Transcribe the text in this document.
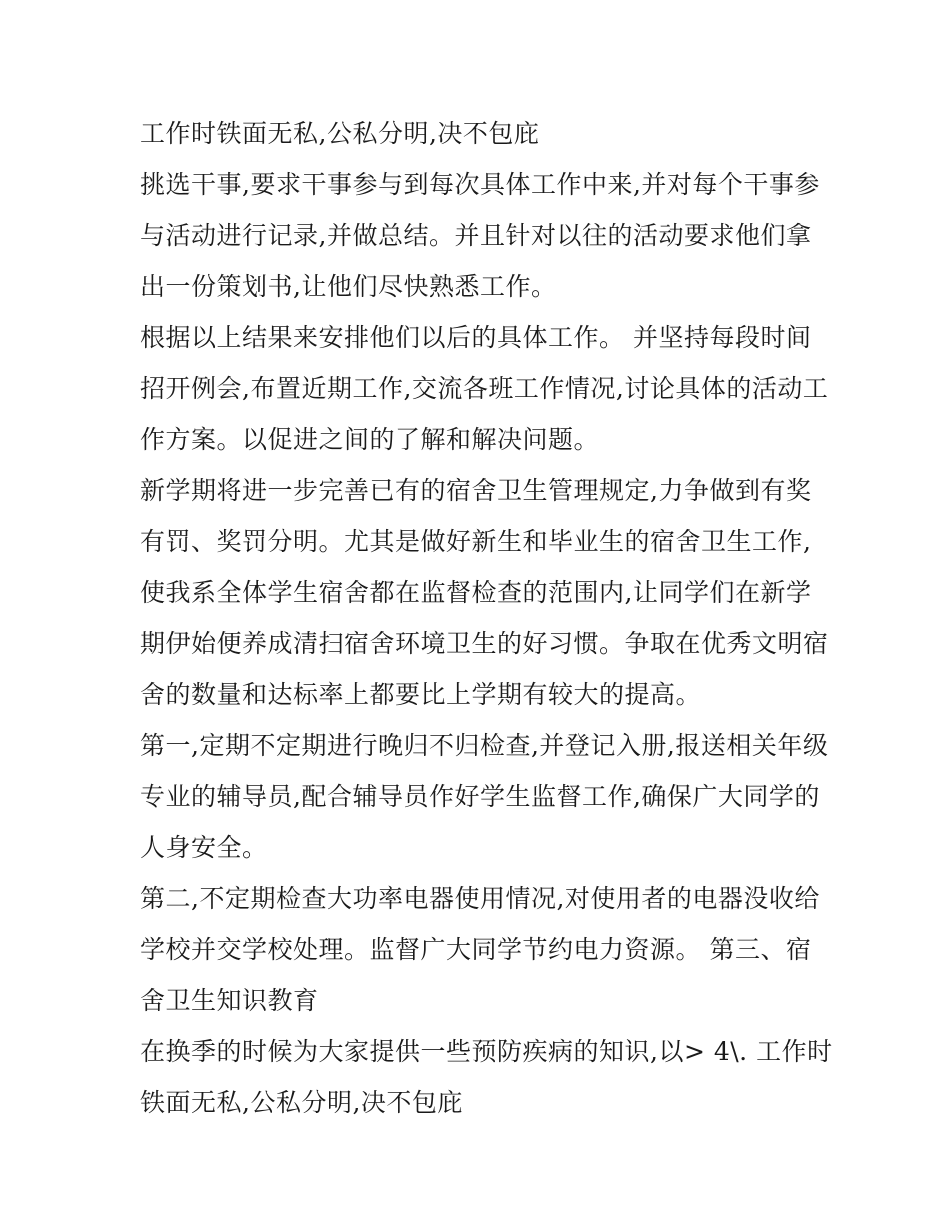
工作时铁面无私,公私分明,决不包庇

挑选干事,要求干事参与到每次具体工作中来,并对每个干事参
与活动进行记录,并做总结。并且针对以往的活动要求他们拿
出一份策划书,让他们尽快熟悉工作。

根据以上结果来安排他们以后的具体工作。 并坚持每段时间
招开例会,布置近期工作,交流各班工作情况,讨论具体的活动工
作方案。以促进之间的了解和解决问题。

新学期将进一步完善已有的宿舍卫生管理规定,力争做到有奖
有罚、奖罚分明。尤其是做好新生和毕业生的宿舍卫生工作,
使我系全体学生宿舍都在监督检查的范围内,让同学们在新学
期伊始便养成清扫宿舍环境卫生的好习惯。争取在优秀文明宿
舍的数量和达标率上都要比上学期有较大的提高。

第一,定期不定期进行晚归不归检查,并登记入册,报送相关年级
专业的辅导员,配合辅导员作好学生监督工作,确保广大同学的
人身安全。

第二,不定期检查大功率电器使用情况,对使用者的电器没收给
学校并交学校处理。监督广大同学节约电力资源。 第三、宿
舍卫生知识教育

在换季的时候为大家提供一些预防疾病的知识,以> 4\. 工作时
铁面无私,公私分明,决不包庇
